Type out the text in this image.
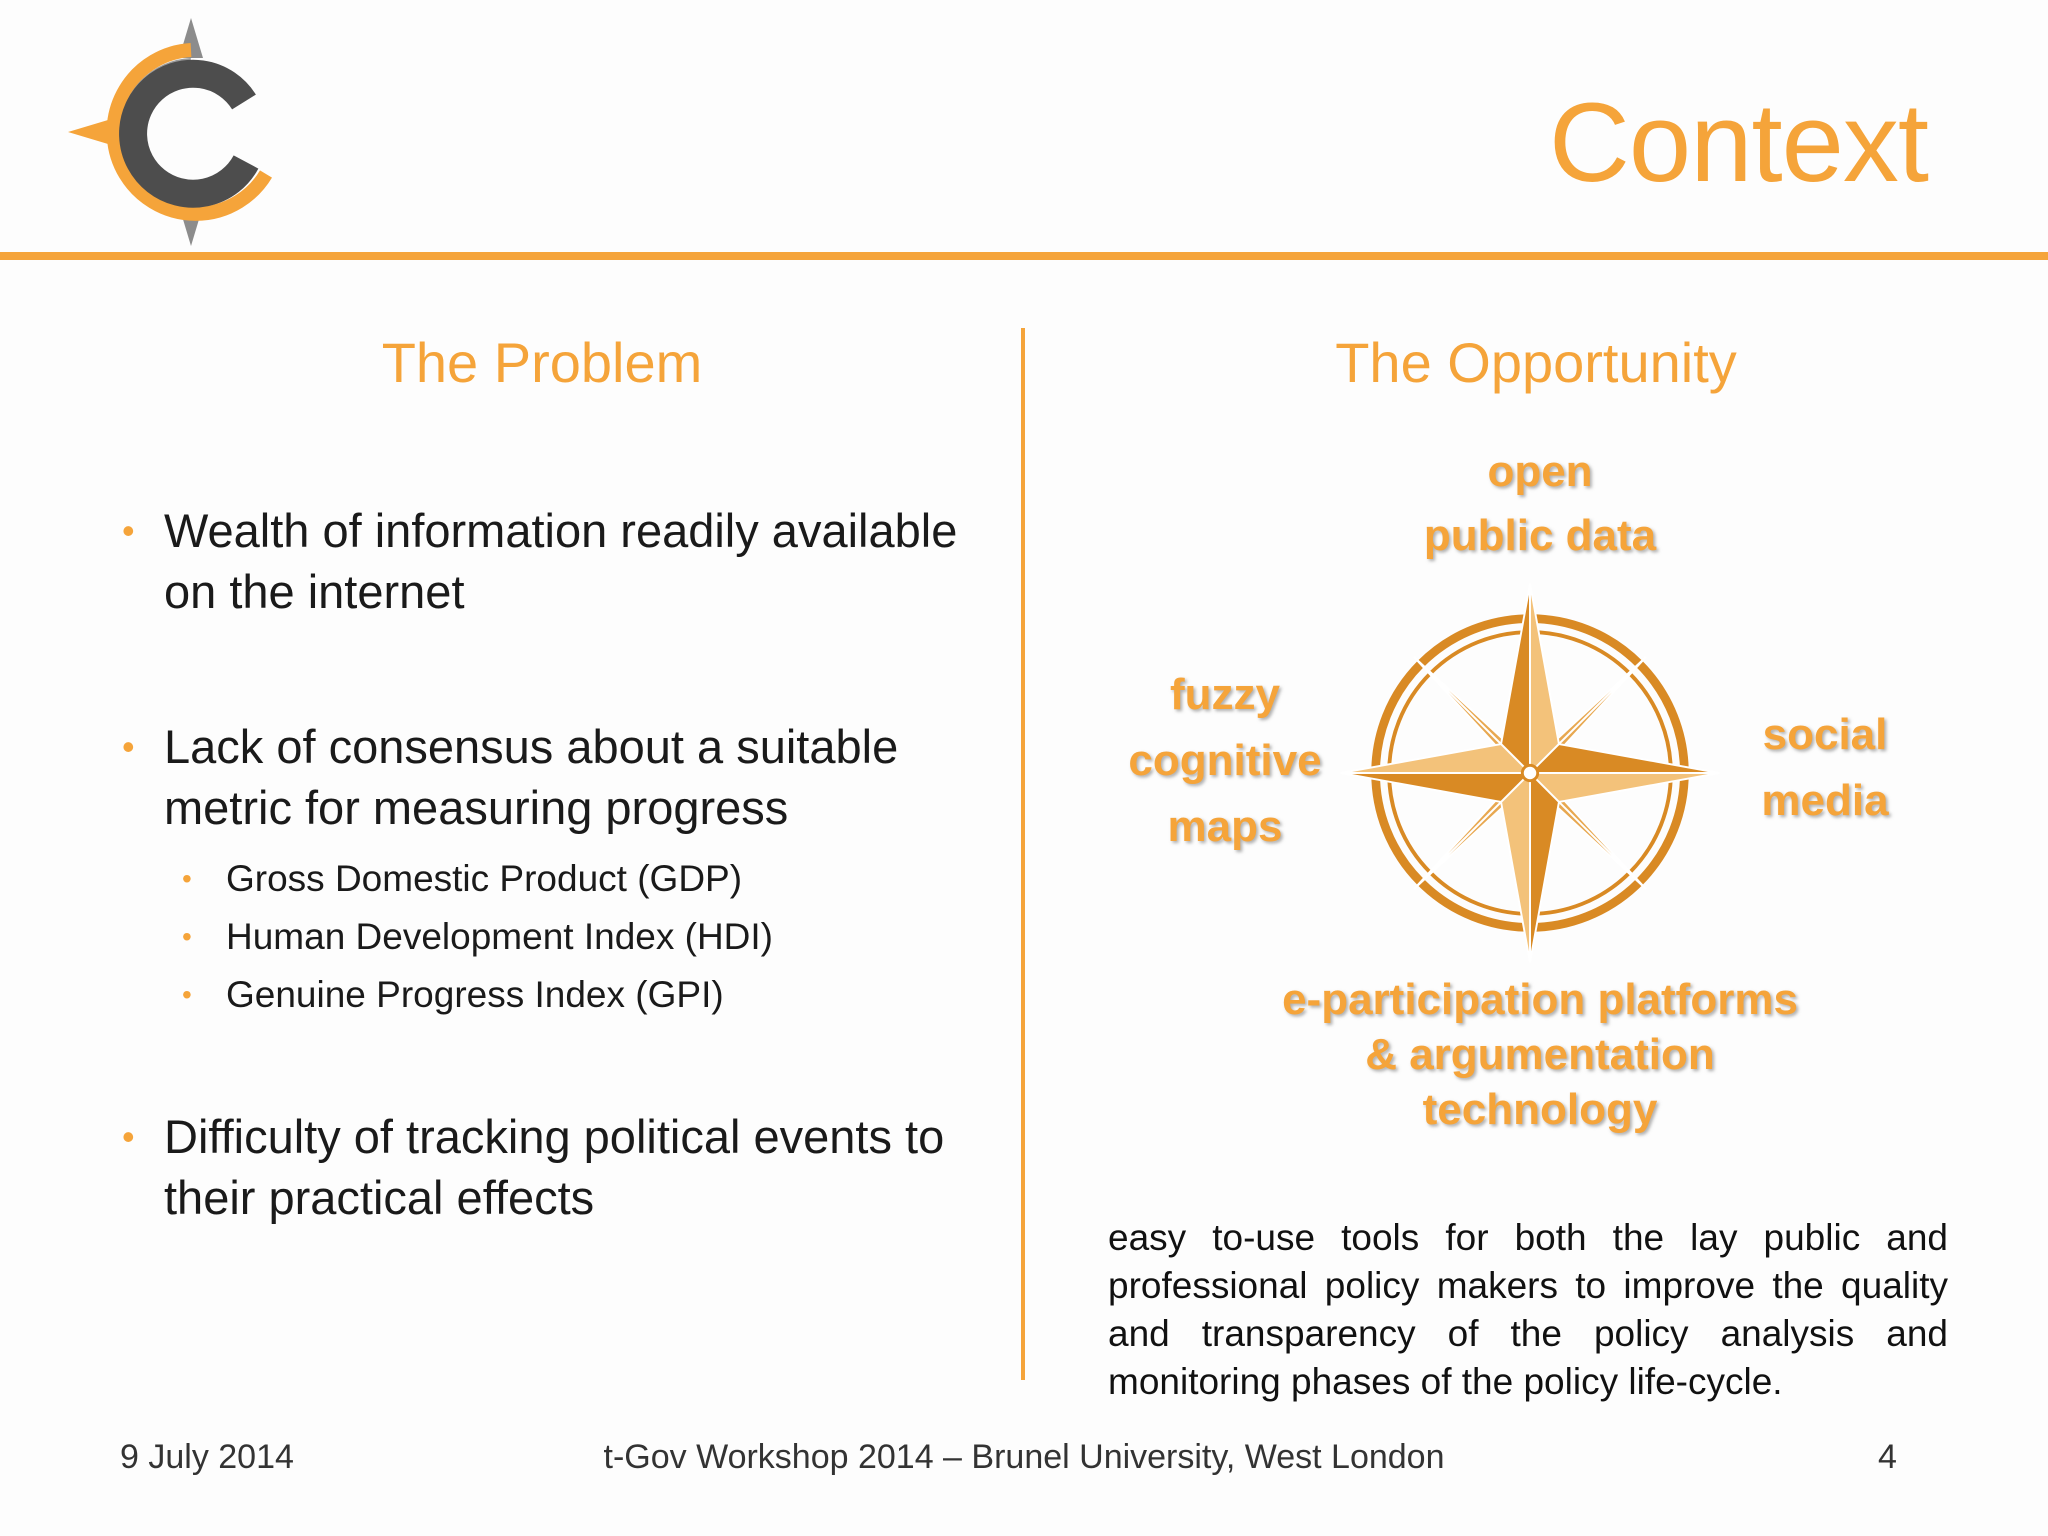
Context
The Problem
• Wealth of information readily available on the internet
• Lack of consensus about a suitable metric for measuring progress
• Gross Domestic Product (GDP)
• Human Development Index (HDI)
• Genuine Progress Index (GPI)
• Difficulty of tracking political events to their practical effects
The Opportunity
open
public data
fuzzy
cognitive
maps
social
media
e-participation platforms
& argumentation
technology
easy to-use tools for both the lay public and professional policy makers to improve the quality and transparency of the policy analysis and monitoring phases of the policy life-cycle.
9 July 2014	t-Gov Workshop 2014 – Brunel University, West London	4
